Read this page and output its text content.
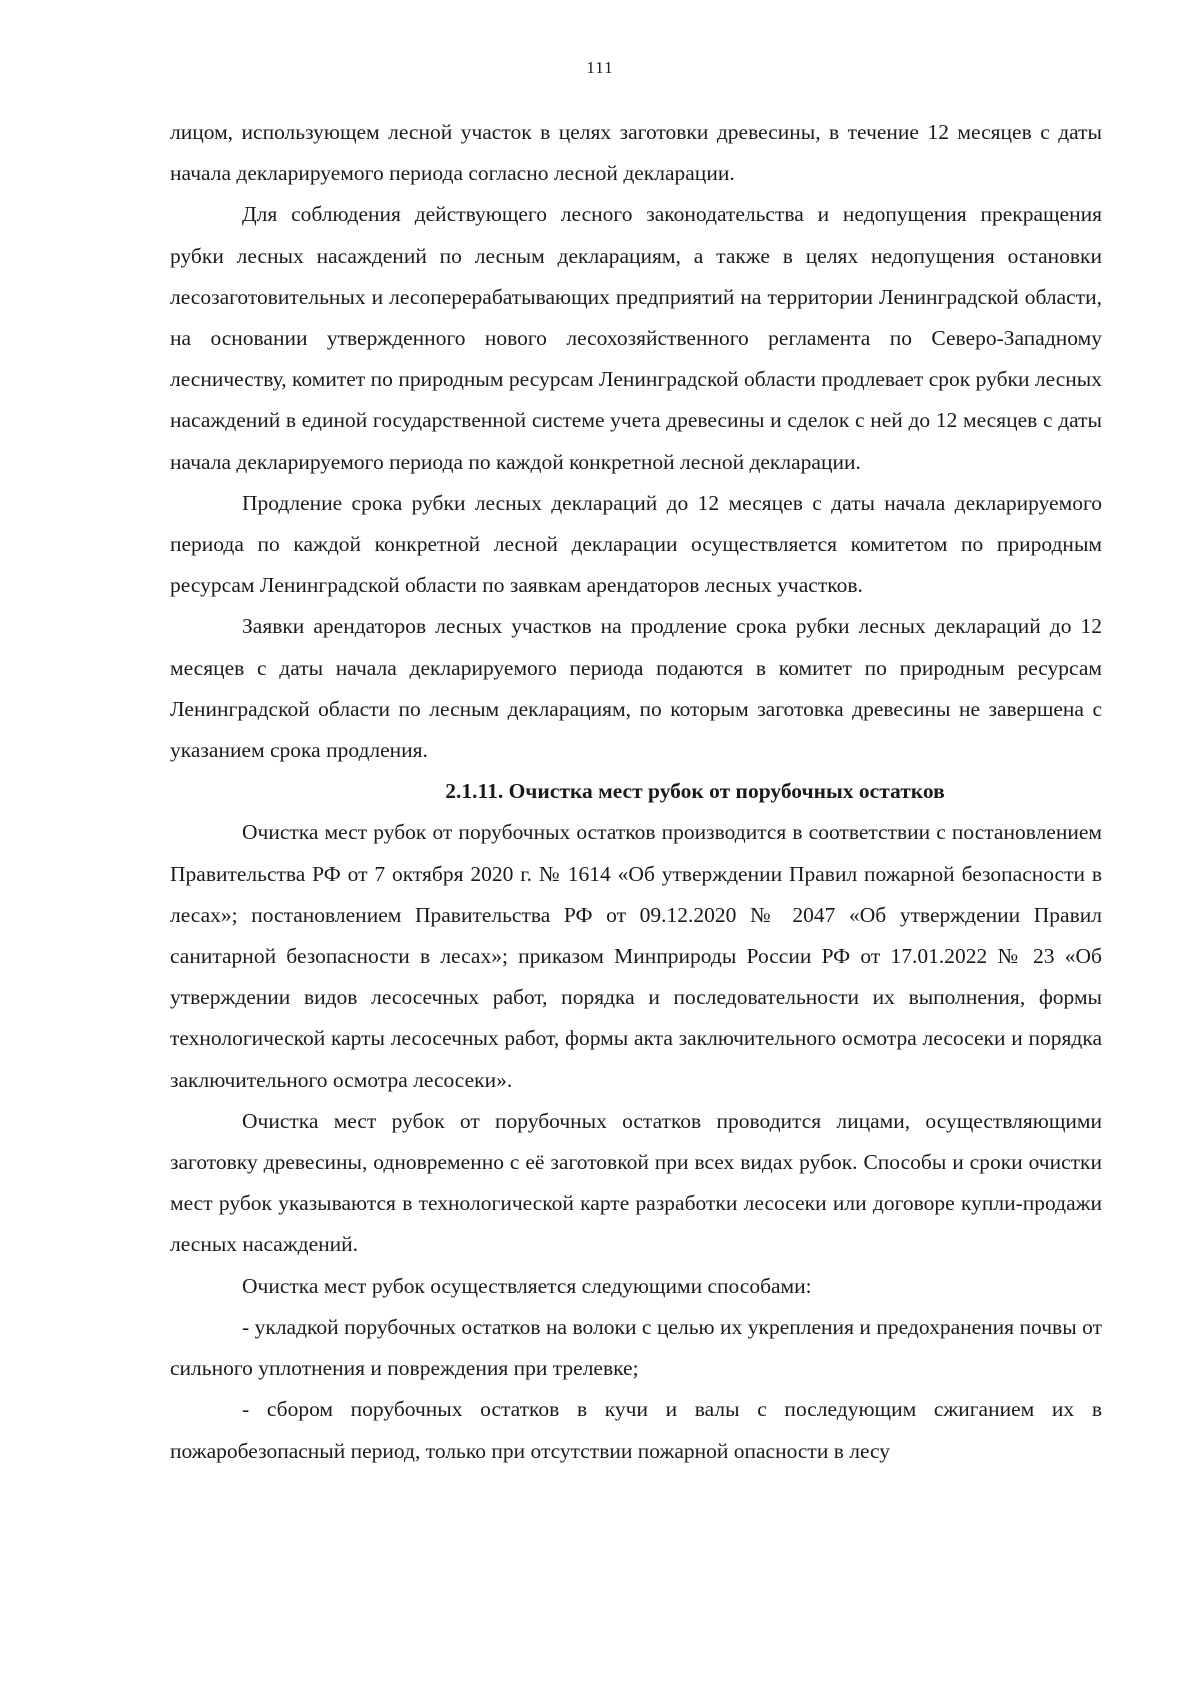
111

лицом, использующем лесной участок в целях заготовки древесины, в течение 12 месяцев с даты начала декларируемого периода согласно лесной декларации.

Для соблюдения действующего лесного законодательства и недопущения прекращения рубки лесных насаждений по лесным декларациям, а также в целях недопущения остановки лесозаготовительных и лесоперерабатывающих предприятий на территории Ленинградской области, на основании утвержденного нового лесохозяйственного регламента по Северо-Западному лесничеству, комитет по природным ресурсам Ленинградской области продлевает срок рубки лесных насаждений в единой государственной системе учета древесины и сделок с ней до 12 месяцев с даты начала декларируемого периода по каждой конкретной лесной декларации.

Продление срока рубки лесных деклараций до 12 месяцев с даты начала декларируемого периода по каждой конкретной лесной декларации осуществляется комитетом по природным ресурсам Ленинградской области по заявкам арендаторов лесных участков.

Заявки арендаторов лесных участков на продление срока рубки лесных деклараций до 12 месяцев с даты начала декларируемого периода подаются в комитет по природным ресурсам Ленинградской области по лесным декларациям, по которым заготовка древесины не завершена с указанием срока продления.

2.1.11. Очистка мест рубок от порубочных остатков

Очистка мест рубок от порубочных остатков производится в соответствии с постановлением Правительства РФ от 7 октября 2020 г. № 1614 «Об утверждении Правил пожарной безопасности в лесах»; постановлением Правительства РФ от 09.12.2020 № 2047 «Об утверждении Правил санитарной безопасности в лесах»; приказом Минприроды России РФ от 17.01.2022 № 23 «Об утверждении видов лесосечных работ, порядка и последовательности их выполнения, формы технологической карты лесосечных работ, формы акта заключительного осмотра лесосеки и порядка заключительного осмотра лесосеки».

Очистка мест рубок от порубочных остатков проводится лицами, осуществляющими заготовку древесины, одновременно с её заготовкой при всех видах рубок. Способы и сроки очистки мест рубок указываются в технологической карте разработки лесосеки или договоре купли-продажи лесных насаждений.

Очистка мест рубок осуществляется следующими способами:

- укладкой порубочных остатков на волоки с целью их укрепления и предохранения почвы от сильного уплотнения и повреждения при трелевке;

- сбором порубочных остатков в кучи и валы с последующим сжиганием их в пожаробезопасный период, только при отсутствии пожарной опасности в лесу
